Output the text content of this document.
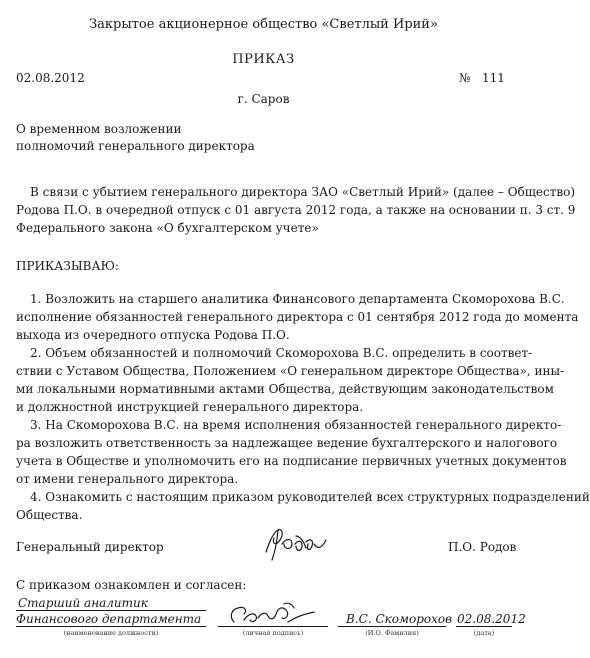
Закрытое акционерное общество «Светлый Ирий»
ПРИКАЗ
02.08.2012	№ 111
г. Саров
О временном возложении
полномочий генерального директора
В связи с убытием генерального директора ЗАО «Светлый Ирий» (далее – Общество)
Родова П.О. в очередной отпуск с 01 августа 2012 года, а также на основании п. 3 ст. 9
Федерального закона «О бухгалтерском учете»
ПРИКАЗЫВАЮ:
1. Возложить на старшего аналитика Финансового департамента Скоморохова В.С.
исполнение обязанностей генерального директора с 01 сентября 2012 года до момента
выхода из очередного отпуска Родова П.О.
2. Объем обязанностей и полномочий Скоморохова В.С. определить в соответ-
ствии с Уставом Общества, Положением «О генеральном директоре Общества», ины-
ми локальными нормативными актами Общества, действующим законодательством
и должностной инструкцией генерального директора.
3. На Скоморохова В.С. на время исполнения обязанностей генерального директо-
ра возложить ответственность за надлежащее ведение бухгалтерского и налогового
учета в Обществе и уполномочить его на подписание первичных учетных документов
от имени генерального директора.
4. Ознакомить с настоящим приказом руководителей всех структурных подразделений
Общества.
Генеральный директор	П.О. Родов
С приказом ознакомлен и согласен:
Старший аналитик
Финансового департамента
(наименование должности)	(личная подпись)
В.С. Скоморохов
(И.О. Фамилия)
02.08.2012
(дата)
